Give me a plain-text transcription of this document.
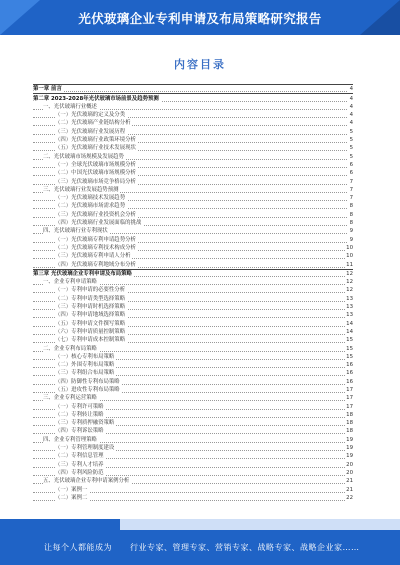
光伏玻璃企业专利申请及布局策略研究报告
内容目录
第一章 前言	4
第二章 2023-2028年光伏玻璃市场前景及趋势预测	4
一、光伏玻璃行业概述	4
（一）光伏玻璃的定义及分类	4
（二）光伏玻璃产业链结构分析	4
（三）光伏玻璃行业发展历程	5
（四）光伏玻璃行业政策环境分析	5
（五）光伏玻璃行业技术发展现状	5
二、光伏玻璃市场规模及发展趋势	5
（一）全球光伏玻璃市场规模分析	6
（二）中国光伏玻璃市场规模分析	6
（三）光伏玻璃市场竞争格局分析	7
三、光伏玻璃行业发展趋势预测	7
（一）光伏玻璃技术发展趋势	7
（二）光伏玻璃市场需求趋势	8
（三）光伏玻璃行业投资机会分析	8
（四）光伏玻璃行业发展面临的挑战	8
四、光伏玻璃行业专利现状	9
（一）光伏玻璃专利申请趋势分析	9
（二）光伏玻璃专利技术构成分析	10
（三）光伏玻璃专利申请人分析	10
（四）光伏玻璃专利地域分布分析	11
第三章 光伏玻璃企业专利申请及布局策略	12
一、企业专利申请策略	12
（一）专利申请的必要性分析	12
（二）专利申请类型选择策略	13
（三）专利申请时机选择策略	13
（四）专利申请地域选择策略	13
（五）专利申请文件撰写策略	14
（六）专利申请质量控制策略	14
（七）专利申请成本控制策略	15
二、企业专利布局策略	15
（一）核心专利布局策略	15
（二）外围专利布局策略	16
（三）专利组合布局策略	16
（四）防御性专利布局策略	16
（五）进攻性专利布局策略	17
三、企业专利运营策略	17
（一）专利许可策略	17
（二）专利转让策略	18
（三）专利质押融资策略	18
（四）专利诉讼策略	18
四、企业专利管理策略	19
（一）专利管理制度建设	19
（二）专利信息管理	19
（三）专利人才培养	20
（四）专利风险防范	20
五、光伏玻璃企业专利申请案例分析	21
（一）案例一	21
（二）案例二	22
让每个人都能成为 行业专家、管理专家、营销专家、战略专家、战略企业家……
